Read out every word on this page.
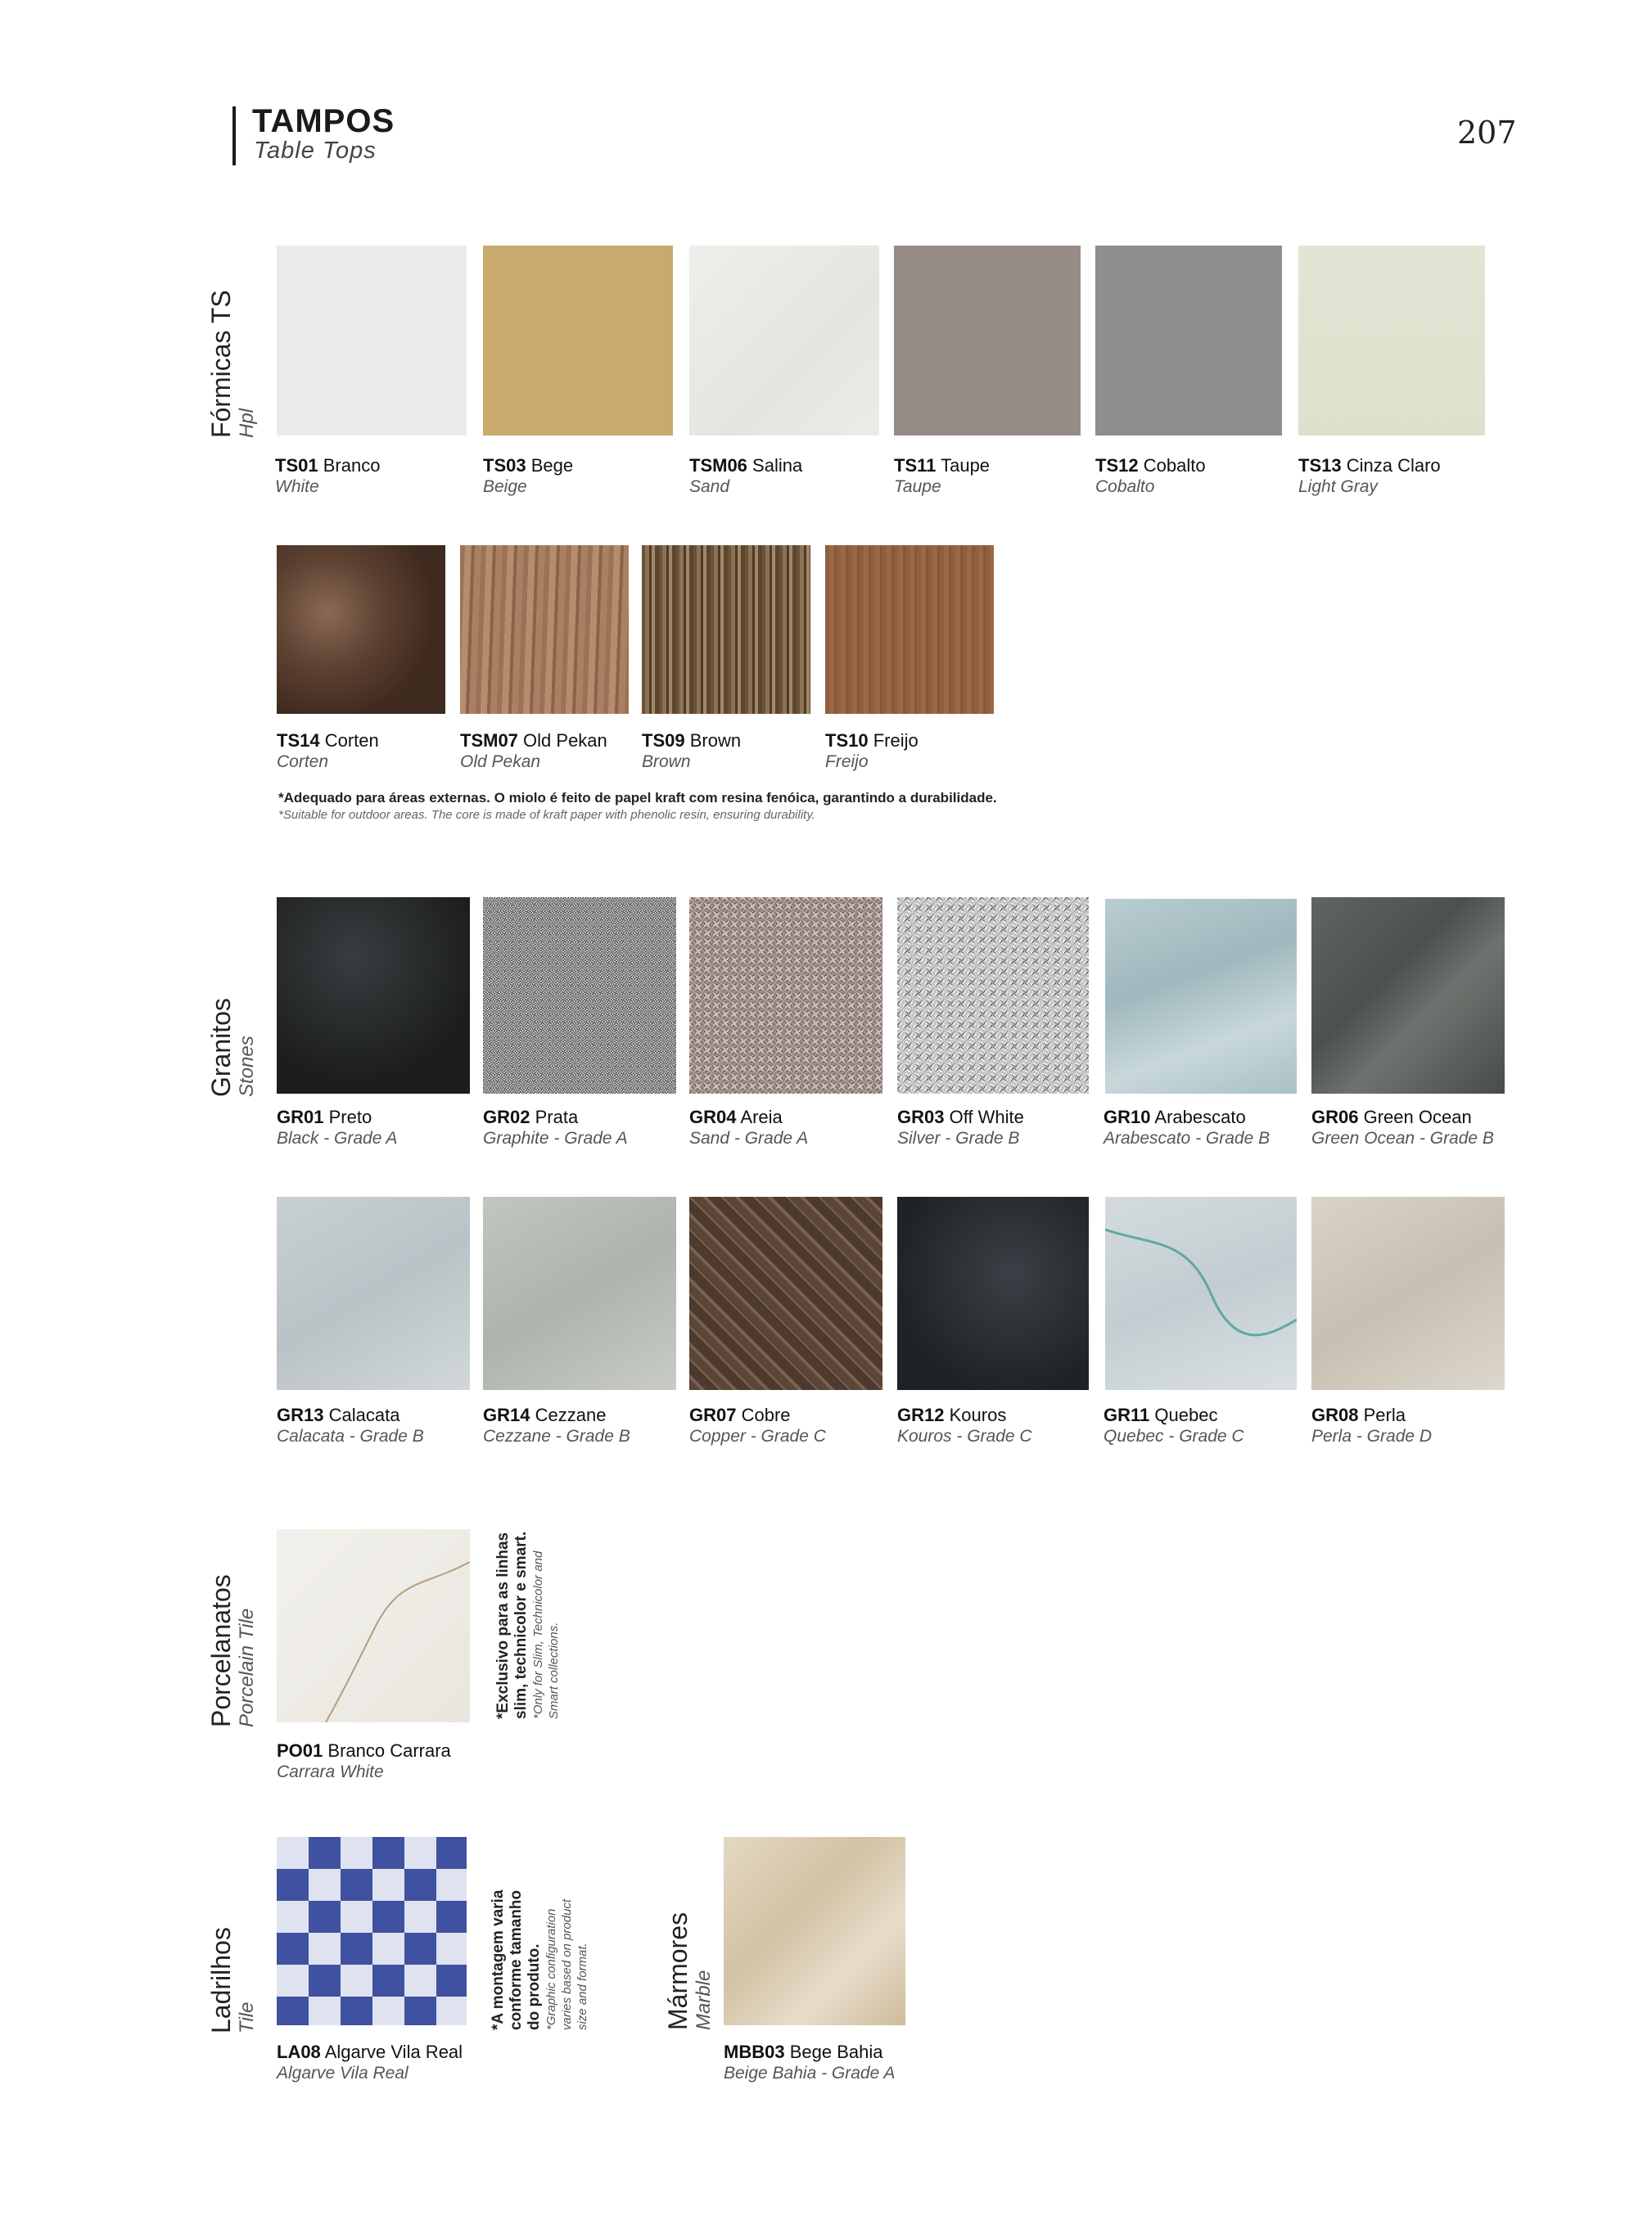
TAMPOS
Table Tops	207
Fórmicas TS Hpl
TS01 Branco
White
TS03 Bege
Beige
TSM06 Salina
Sand
TS11 Taupe
Taupe
TS12 Cobalto
Cobalto
TS13 Cinza Claro
Light Gray
TS14 Corten
Corten
TSM07 Old Pekan
Old Pekan
TS09 Brown
Brown
TS10 Freijo
Freijo
*Adequado para áreas externas. O miolo é feito de papel kraft com resina fenóica, garantindo a durabilidade.
*Suitable for outdoor areas. The core is made of kraft paper with phenolic resin, ensuring durability.
Granitos Stones
GR01 Preto
Black - Grade A
GR02 Prata
Graphite - Grade A
GR04 Areia
Sand - Grade A
GR03 Off White
Silver - Grade B
GR10 Arabescato
Arabescato - Grade B
GR06 Green Ocean
Green Ocean - Grade B
GR13 Calacata
Calacata - Grade B
GR14 Cezzane
Cezzane - Grade B
GR07 Cobre
Copper - Grade C
GR12 Kouros
Kouros - Grade C
GR11 Quebec
Quebec - Grade C
GR08 Perla
Perla - Grade D
Porcelanatos Porcelain Tile
PO01 Branco Carrara
Carrara White
*Exclusivo para as linhas
slim, technicolor e smart.
*Only for Slim, Technicolor and
Smart collections.
Ladrilhos Tile
LA08 Algarve Vila Real
Algarve Vila Real
*A montagem varia
conforme tamanho
do produto. *Graphic configuration
varies based on product
size and format.	Mármores Marble
MBB03 Bege Bahia
Beige Bahia - Grade A
